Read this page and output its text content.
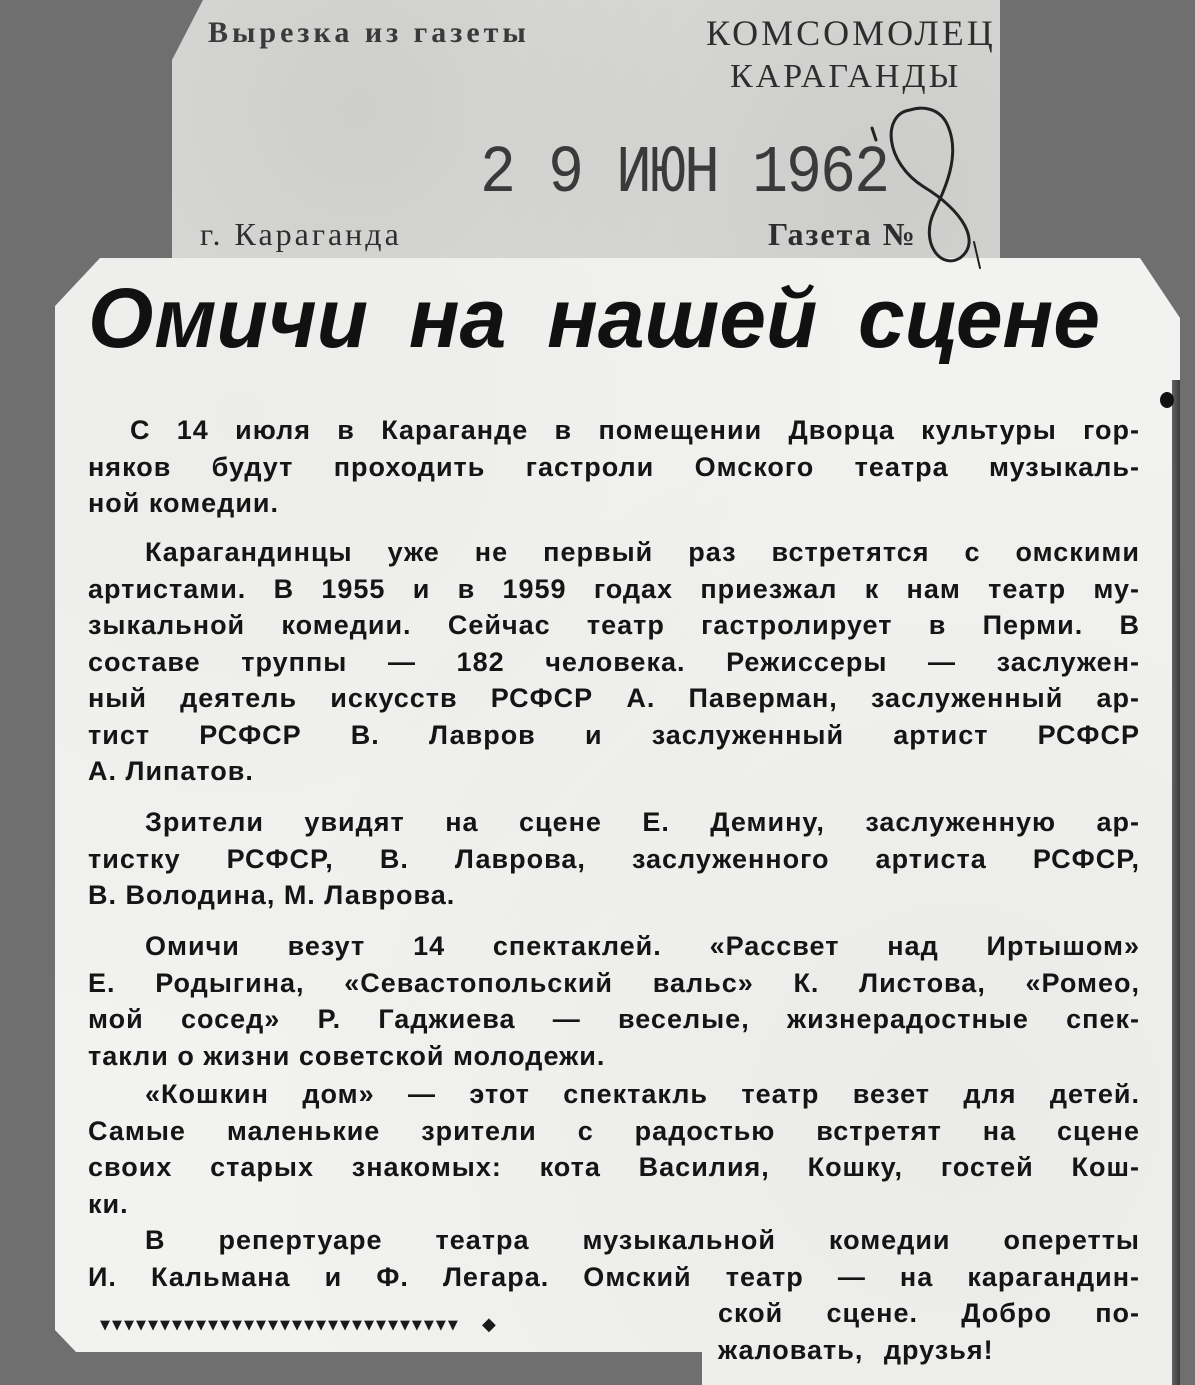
Вырезка из газеты	КОМСОМОЛЕЦ
КАРАГАНДЫ
2 9 ИЮН 1962
г. Караганда	Газета №
Омичи на нашей сцене
С 14 июля в Караганде в помещении Дворца культуры гор-
няков будут проходить гастроли Омского театра музыкаль-
ной комедии.
Карагандинцы уже не первый раз встретятся с омскими
артистами. В 1955 и в 1959 годах приезжал к нам театр му-
зыкальной комедии. Сейчас театр гастролирует в Перми. В
составе труппы — 182 человека. Режиссеры — заслужен-
ный деятель искусств РСФСР А. Паверман, заслуженный ар-
тист РСФСР В. Лавров и заслуженный артист РСФСР
А. Липатов.
Зрители увидят на сцене Е. Демину, заслуженную ар-
тистку РСФСР, В. Лаврова, заслуженного артиста РСФСР,
В. Володина, М. Лаврова.
Омичи везут 14 спектаклей. «Рассвет над Иртышом»
Е. Родыгина, «Севастопольский вальс» К. Листова, «Ромео,
мой сосед» Р. Гаджиева — веселые, жизнерадостные спек-
такли о жизни советской молодежи.
«Кошкин дом» — этот спектакль театр везет для детей.
Самые маленькие зрители с радостью встретят на сцене
своих старых знакомых: кота Василия, Кошку, гостей Кош-
ки.
В репертуаре театра музыкальной комедии оперетты
И. Кальмана и Ф. Легара. Омский театр — на карагандин-
ской сцене. Добро по-
жаловать, друзья!
▼▼▼▼▼▼▼▼▼▼▼▼▼▼▼▼▼▼▼▼▼▼▼▼▼▼▼▼▼▼ ◆
